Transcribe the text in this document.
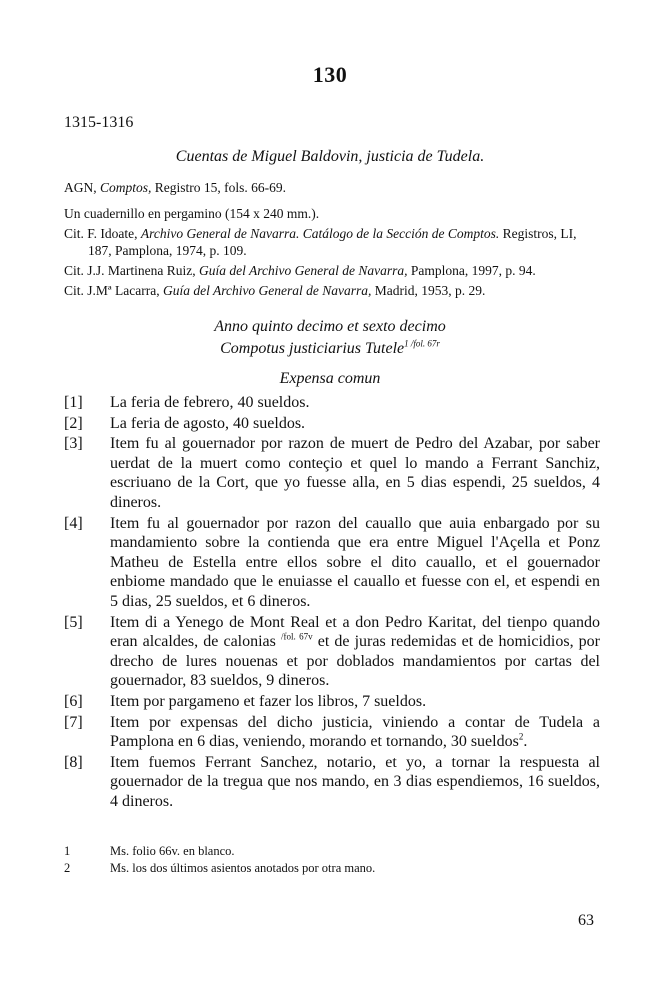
130
1315-1316
Cuentas de Miguel Baldovin, justicia de Tudela.
AGN, Comptos, Registro 15, fols. 66-69.
Un cuadernillo en pergamino (154 x 240 mm.).
Cit. F. Idoate, Archivo General de Navarra. Catálogo de la Sección de Comptos. Registros, LI, 187, Pamplona, 1974, p. 109.
Cit. J.J. Martinena Ruiz, Guía del Archivo General de Navarra, Pamplona, 1997, p. 94.
Cit. J.Mª Lacarra, Guía del Archivo General de Navarra, Madrid, 1953, p. 29.
Anno quinto decimo et sexto decimo
Compotus justiciarius Tutele$^{1 /fol. 67r}$
Expensa comun
[1]	La feria de febrero, 40 sueldos.
[2]	La feria de agosto, 40 sueldos.
[3]	Item fu al gouernador por razon de muert de Pedro del Azabar, por saber uerdat de la muert como conteçio et quel lo mando a Ferrant Sanchiz, escriuano de la Cort, que yo fuesse alla, en 5 dias espendi, 25 sueldos, 4 dineros.
[4]	Item fu al gouernador por razon del cauallo que auia enbargado por su mandamiento sobre la contienda que era entre Miguel l'Açella et Ponz Matheu de Estella entre ellos sobre el dito cauallo, et el gouernador enbiome mandado que le enuiasse el cauallo et fuesse con el, et espendi en 5 dias, 25 sueldos, et 6 dineros.
[5]	Item di a Yenego de Mont Real et a don Pedro Karitat, del tienpo quando eran alcaldes, de calonias $^{/fol. 67v}$ et de juras redemidas et de homicidios, por drecho de lures nouenas et por doblados mandamientos por cartas del gouernador, 83 sueldos, 9 dineros.
[6]	Item por pargameno et fazer los libros, 7 sueldos.
[7]	Item por expensas del dicho justicia, viniendo a contar de Tudela a Pamplona en 6 dias, veniendo, morando et tornando, 30 sueldos$^2$.
[8]	Item fuemos Ferrant Sanchez, notario, et yo, a tornar la respuesta al gouernador de la tregua que nos mando, en 3 dias espendiemos, 16 sueldos, 4 dineros.
1	Ms. folio 66v. en blanco.
2	Ms. los dos últimos asientos anotados por otra mano.
63
